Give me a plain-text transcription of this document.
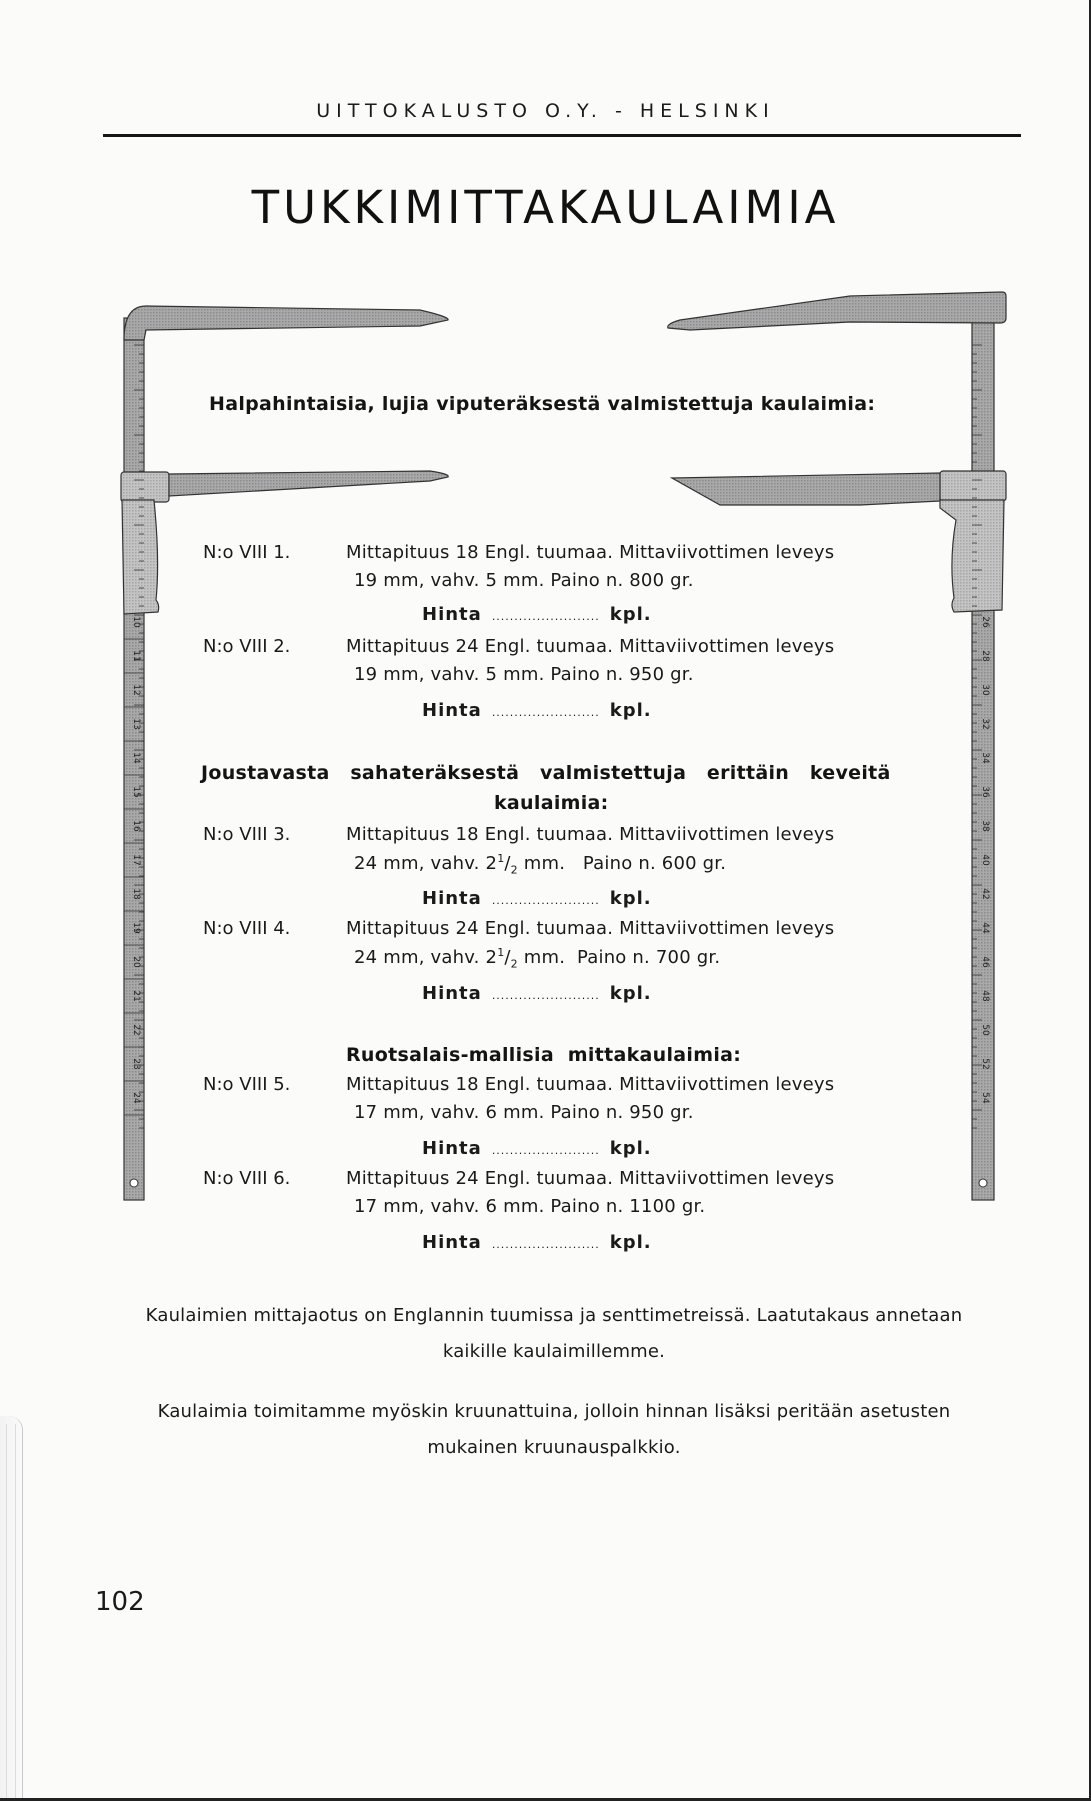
UITTOKALUSTO O.Y. - HELSINKI
TUKKIMITTAKAULAIMIA
10
11
12
13
14
15
16
17
18
19
20
21
22
23
24
26
28
30
32
34
36
38
40
42
44
46
48
50
52
54
Halpahintaisia, lujia viputeräksestä valmistettuja kaulaimia:
N:o VIII 1.	Mittapituus 18 Engl. tuumaa. Mittaviivottimen leveys
19 mm, vahv. 5 mm. Paino n. 800 gr.
Hinta ........................ kpl.
N:o VIII 2.	Mittapituus 24 Engl. tuumaa. Mittaviivottimen leveys
19 mm, vahv. 5 mm. Paino n. 950 gr.
Hinta ........................ kpl.
Joustavasta   sahateräksestä   valmistettuja   erittäin   keveitä
kaulaimia:
N:o VIII 3.	Mittapituus 18 Engl. tuumaa. Mittaviivottimen leveys
24 mm, vahv. $2^1/_2$ mm.   Paino n. 600 gr.
Hinta ........................ kpl.
N:o VIII 4.	Mittapituus 24 Engl. tuumaa. Mittaviivottimen leveys
24 mm, vahv. $2^1/_2$ mm.  Paino n. 700 gr.
Hinta ........................ kpl.
Ruotsalais-mallisia  mittakaulaimia:
N:o VIII 5.	Mittapituus 18 Engl. tuumaa. Mittaviivottimen leveys
17 mm, vahv. 6 mm. Paino n. 950 gr.
Hinta ........................ kpl.
N:o VIII 6.	Mittapituus 24 Engl. tuumaa. Mittaviivottimen leveys
17 mm, vahv. 6 mm. Paino n. 1100 gr.
Hinta ........................ kpl.
Kaulaimien mittajaotus on Englannin tuumissa ja senttimetreissä. Laatutakaus annetaan
kaikille kaulaimillemme.
Kaulaimia toimitamme myöskin kruunattuina, jolloin hinnan lisäksi peritään asetusten
mukainen kruunauspalkkio.
102
